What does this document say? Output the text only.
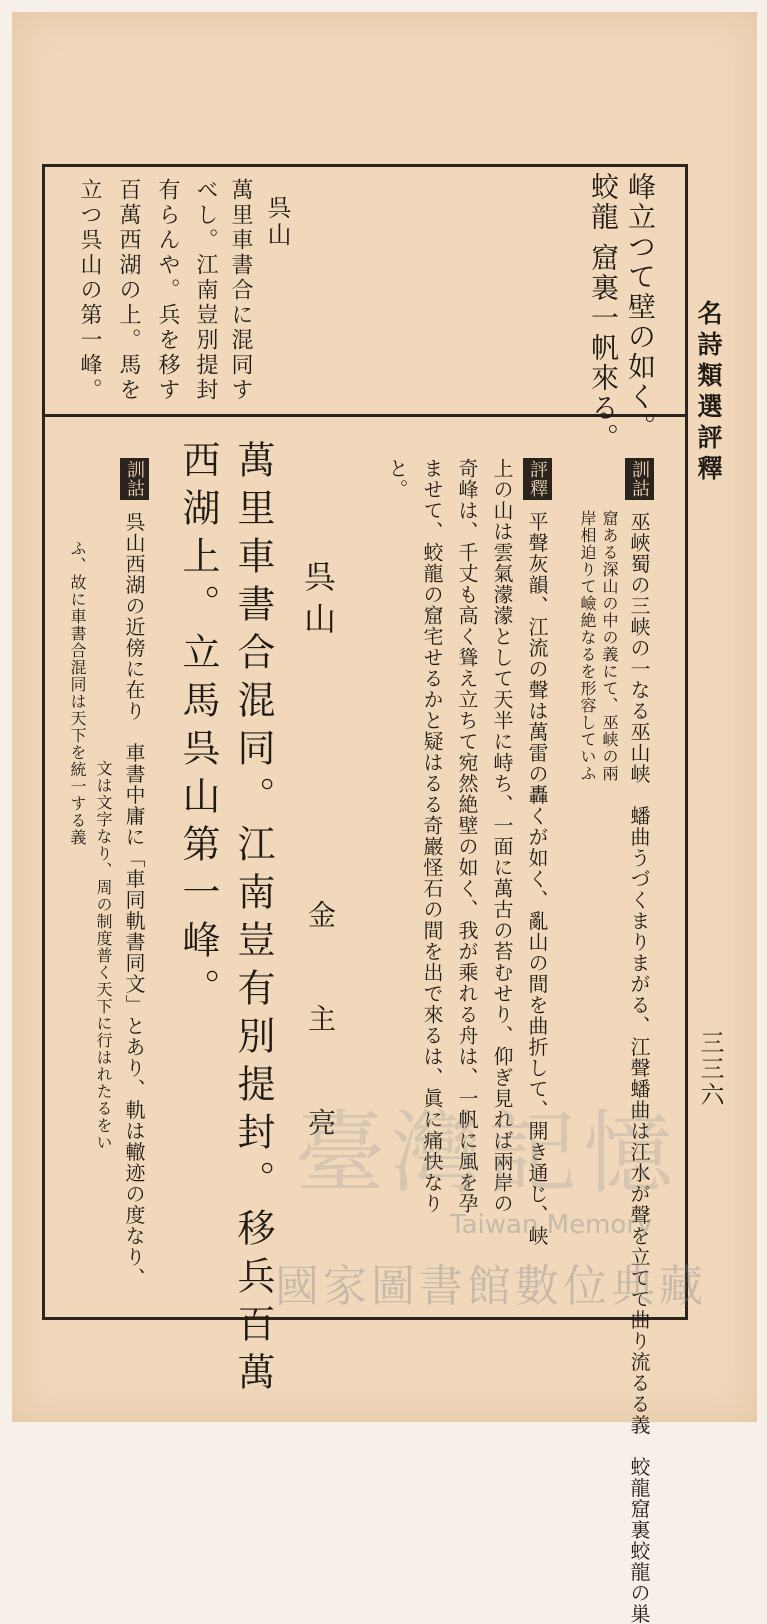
名詩類選評釋
三三六
峰立つて壁の如く。
蛟龍 窟裏一帆來る。
呉山
萬里車書合に混同す
べし。江南豈別提封
有らんや。兵を移す
百萬西湖の上。馬を
立つ呉山の第一峰。
訓詁 巫峽蜀の三峡の一なる巫山峡　蟠曲うづくまりまがる、江聲蟠曲は江水が聲を立てて曲り流るる義　蛟龍窟裏蛟龍の巣
窟ある深山の中の義にて、巫峡の兩
岸相迫りて嶮絶なるを形容していふ
評釋 平聲灰韻、江流の聲は萬雷の轟くが如く、亂山の間を曲折して、開き通じ、峡
上の山は雲氣濛濛として天半に峙ち、一面に萬古の苔むせり、仰ぎ見れば兩岸の
奇峰は、千丈も高く聳え立ちて宛然絶壁の如く、我が乘れる舟は、一帆に風を孕
ませて、蛟龍の窟宅せるかと疑はるる奇巖怪石の間を出で來るは、眞に痛快なり
と。
呉山
金　主　亮
萬里車書合混同。江南豈有別提封。移兵百萬
西湖上。立馬呉山第一峰。
訓詁 呉山西湖の近傍に在り　車書中庸に「車同軌書同文」とあり、軌は轍迹の度なり、
文は文字なり、周の制度普く天下に行はれたるをい
ふ、故に車書合混同は天下を統一する義
臺灣記憶
Taiwan Memory
國家圖書館數位典藏
